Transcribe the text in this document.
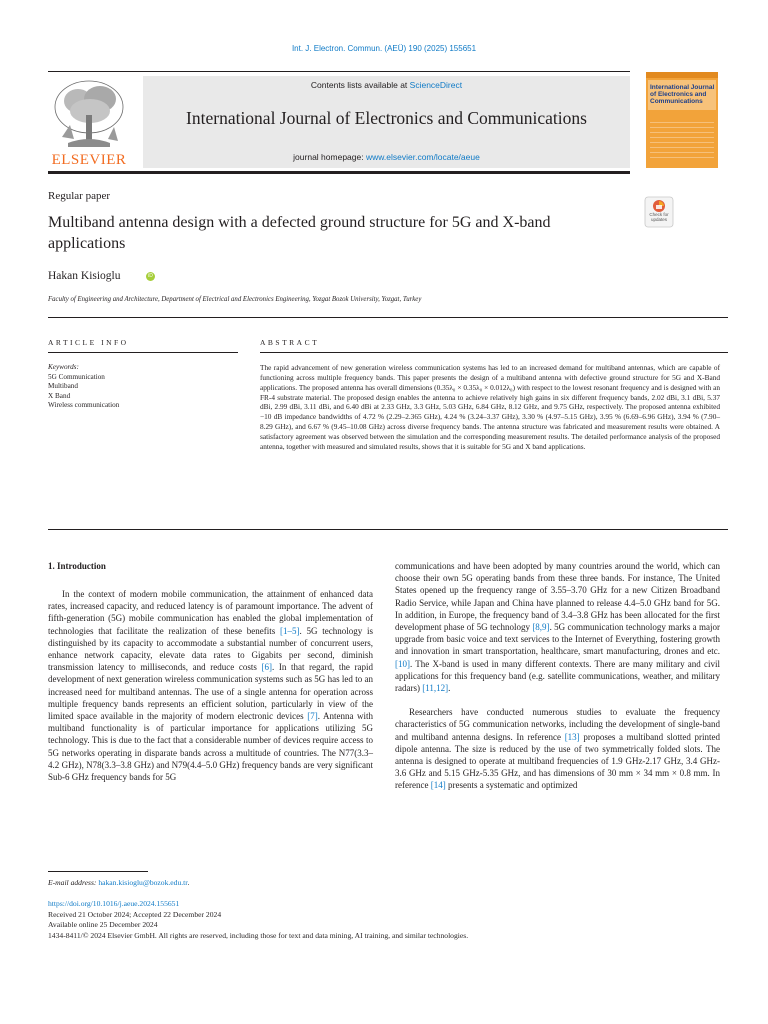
Int. J. Electron. Commun. (AEÜ) 190 (2025) 155651
ELSEVIER
Contents lists available at ScienceDirect
International Journal of Electronics and Communications
journal homepage: www.elsevier.com/locate/aeue
International Journal of Electronics and Communications
Regular paper
Multiband antenna design with a defected ground structure for 5G and X-band applications
Check for updates
Hakan Kisioglu	iD
Faculty of Engineering and Architecture, Department of Electrical and Electronics Engineering, Yozgat Bozok University, Yozgat, Turkey
ARTICLE INFO	ABSTRACT
Keywords:
5G Communication
Multiband
X Band
Wireless communication
The rapid advancement of new generation wireless communication systems has led to an increased demand for multiband antennas, which are capable of functioning across multiple frequency bands. This paper presents the design of a multiband antenna with defective ground structure for 5G and X-Band applications. The proposed antenna has overall dimensions (0.35λ₀ × 0.35λ₀ × 0.012λ₀) with respect to the lowest resonant frequency and is designed with an FR-4 substrate material. The proposed design enables the antenna to achieve relatively high gains in six different frequency bands, 2.02 dBi, 3.1 dBi, 5.37 dBi, 2.99 dBi, 3.11 dBi, and 6.40 dBi at 2.33 GHz, 3.3 GHz, 5.03 GHz, 6.84 GHz, 8.12 GHz, and 9.75 GHz, respectively. The proposed antenna exhibited −10 dB impedance bandwidths of 4.72 % (2.29–2.365 GHz), 4.24 % (3.24–3.37 GHz), 3.30 % (4.97–5.15 GHz), 3.95 % (6.69–6.96 GHz), 3.94 % (7.90–8.29 GHz), and 6.67 % (9.45–10.08 GHz) across diverse frequency bands. The antenna structure was fabricated and measurement results were obtained. A satisfactory agreement was observed between the simulation and the corresponding measurement results. The detailed performance analysis of the proposed antenna, together with measured and simulated results, shows that it is suitable for 5G and X band applications.
1. Introduction

In the context of modern mobile communication, the attainment of enhanced data rates, increased capacity, and reduced latency is of paramount importance. The advent of fifth-generation (5G) mobile communication has enabled the global implementation of technologies that facilitate the realization of these benefits [1–5]. 5G technology is distinguished by its capacity to accommodate a substantial number of concurrent users, enhance network capacity, elevate data rates to Gigabits per second, diminish transmission latency to milliseconds, and reduce costs [6]. In that regard, the rapid development of next generation wireless communication systems such as 5G has led to an increased need for multiband antennas. The use of a single antenna for operation across multiple frequency bands represents an efficient solution, particularly in view of the limited space available in the majority of modern electronic devices [7]. Antenna with multiband functionality is of particular importance for applications utilizing 5G technology. This is due to the fact that a considerable number of devices require access to 5G networks operating in disparate bands across a multitude of countries. The N77(3.3–4.2 GHz), N78(3.3–3.8 GHz) and N79(4.4–5.0 GHz) frequency bands are very significant Sub-6 GHz frequency bands for 5G

communications and have been adopted by many countries around the world, which can choose their own 5G operating bands from these three bands. For instance, The United States opened up the frequency range of 3.55–3.70 GHz for a new Citizen Broadband Radio Service, while Japan and China have planned to release 4.4–5.0 GHz band for 5G. In addition, in Europe, the frequency band of 3.4–3.8 GHz has been allocated for the first development phase of 5G technology [8,9]. 5G communication technology marks a major upgrade from basic voice and text services to the Internet of Everything, fostering growth and innovation in smart transportation, healthcare, smart manufacturing, drones and etc.[10]. The X-band is used in many different contexts. There are many military and civil applications for this frequency band (e.g. satellite communications, weather, and military radars) [11,12].

Researchers have conducted numerous studies to evaluate the frequency characteristics of 5G communication networks, including the development of single-band and multiband antenna designs. In reference [13] proposes a multiband slotted printed dipole antenna. The size is reduced by the use of two symmetrically folded slots. The antenna is designed to operate at multiband frequencies of 1.9 GHz-2.17 GHz, 3.4 GHz-3.6 GHz and 5.15 GHz-5.35 GHz, and has dimensions of 30 mm × 34 mm × 0.8 mm. In reference [14] presents a systematic and optimized

E-mail address: hakan.kisioglu@bozok.edu.tr.
https://doi.org/10.1016/j.aeue.2024.155651
Received 21 October 2024; Accepted 22 December 2024
Available online 25 December 2024
1434-8411/© 2024 Elsevier GmbH. All rights are reserved, including those for text and data mining, AI training, and similar technologies.
